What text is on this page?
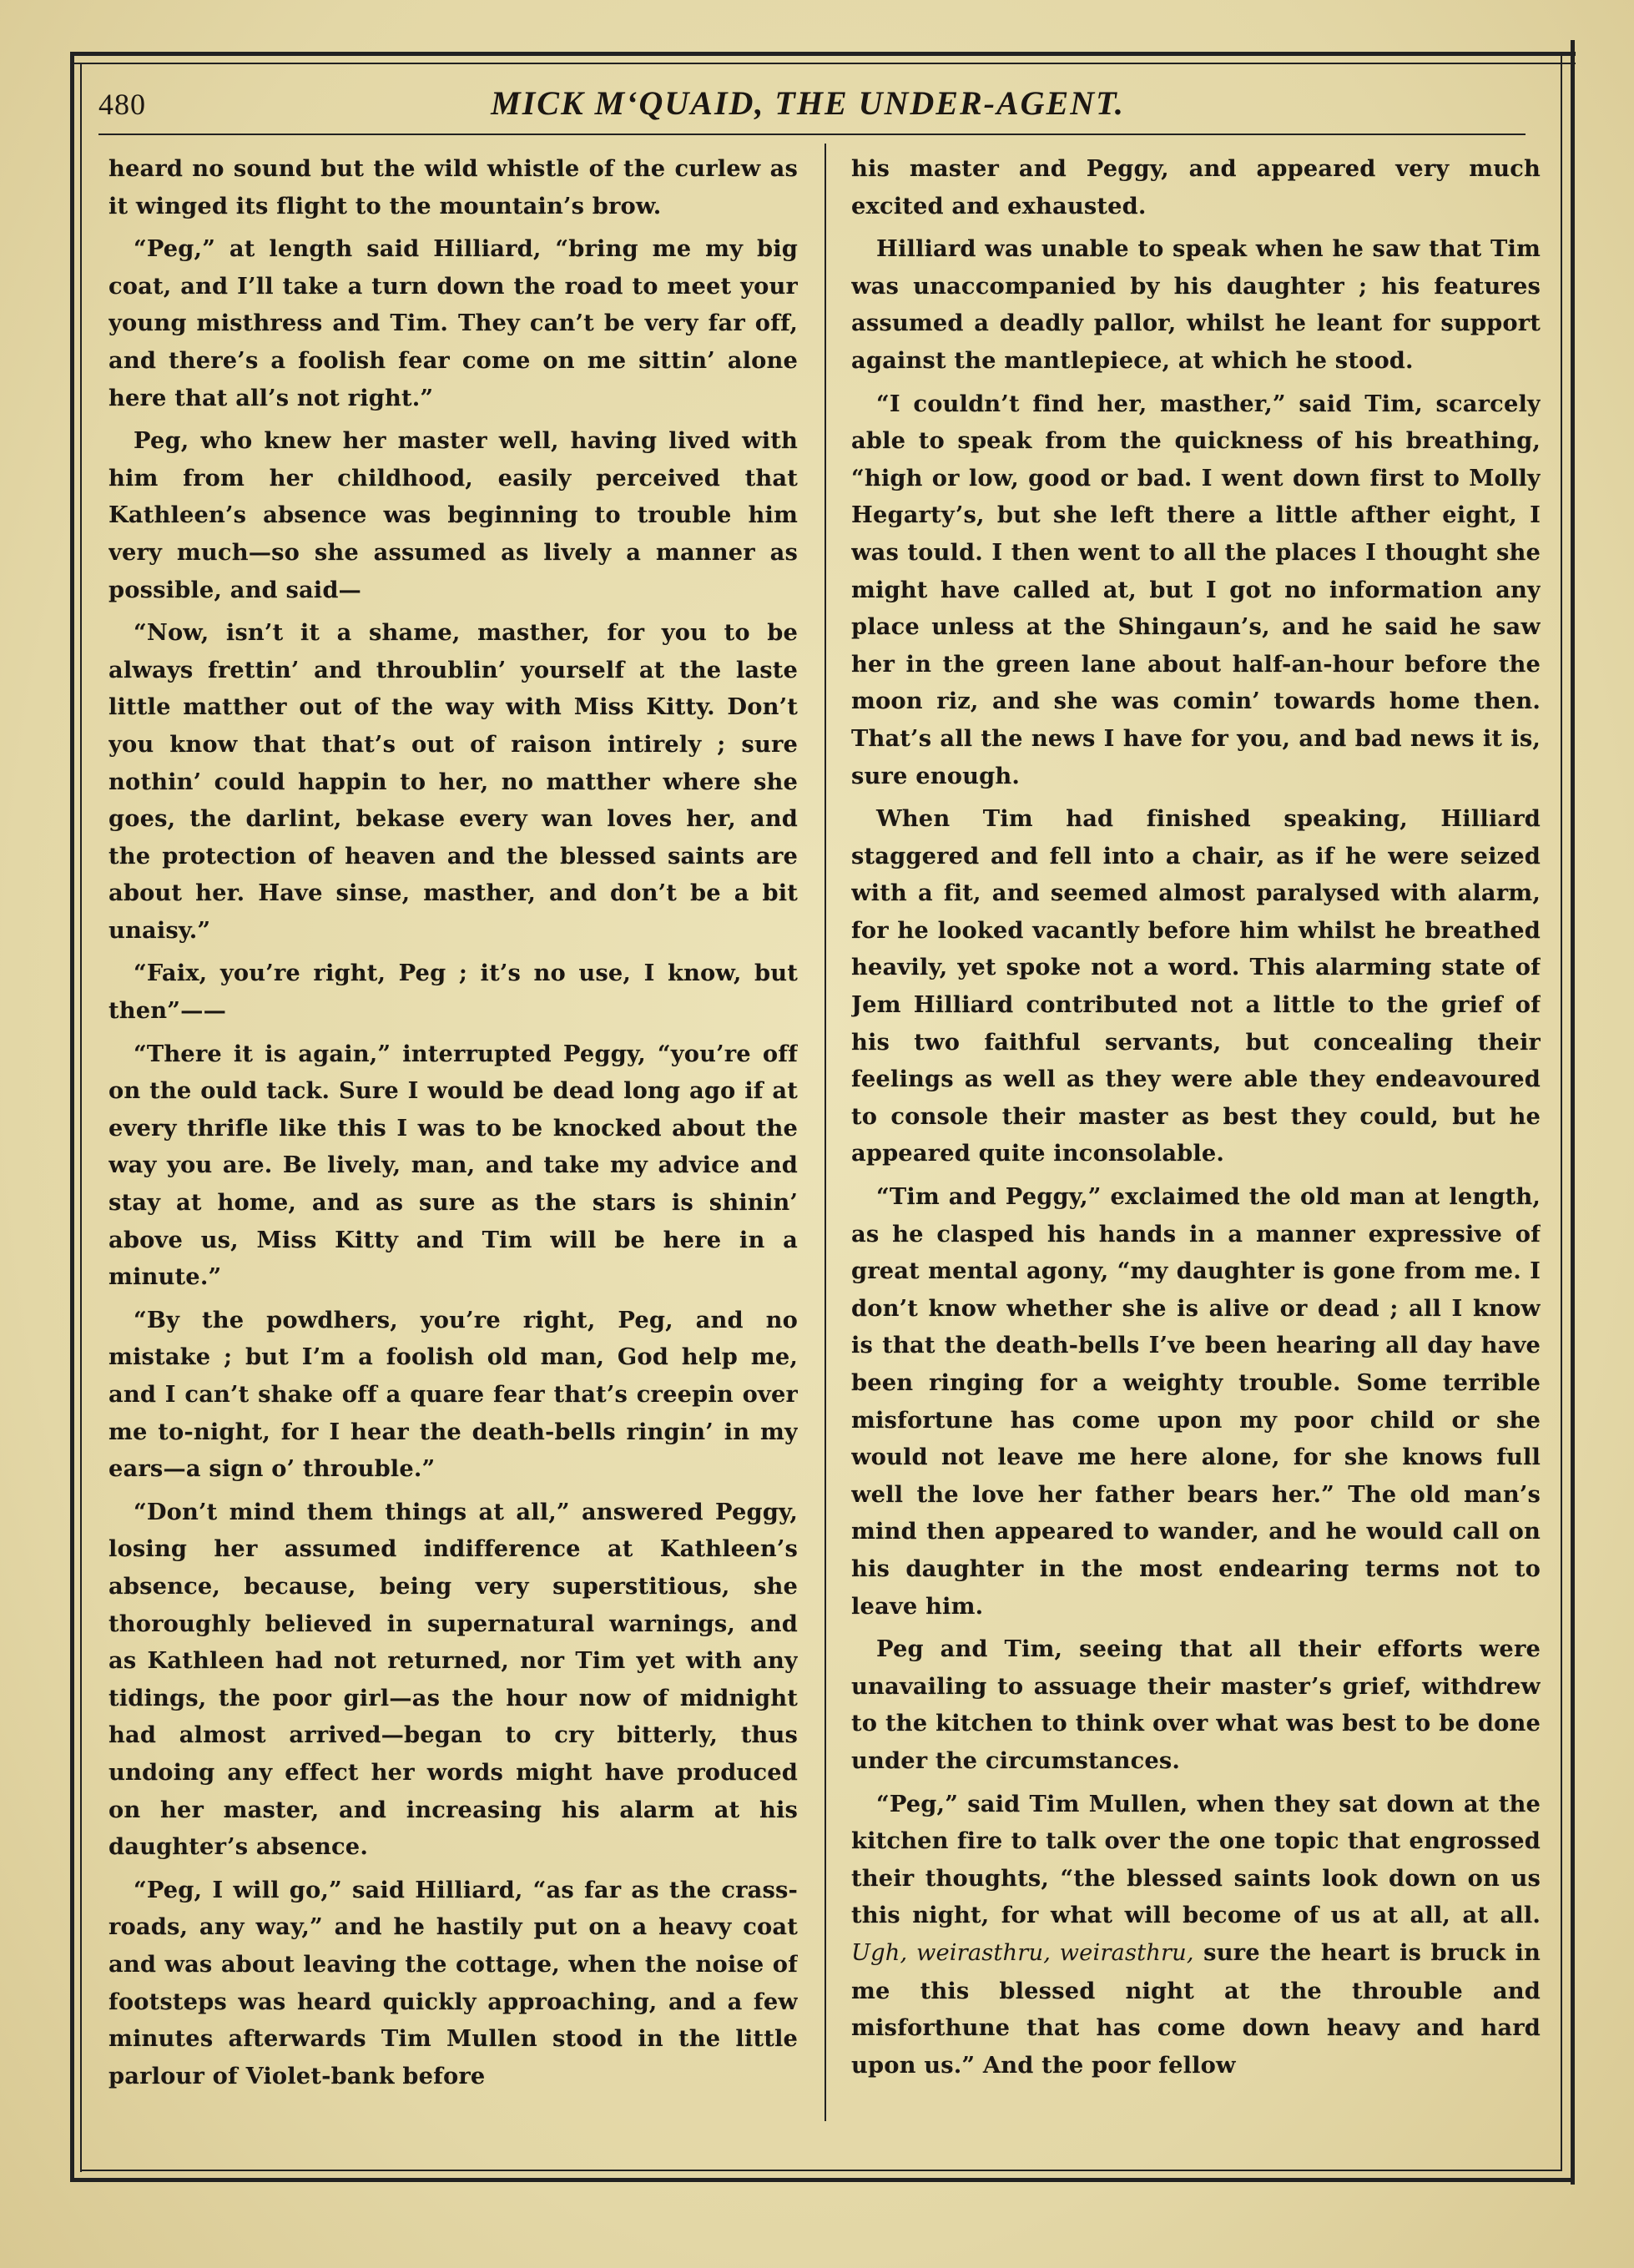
480	MICK M‘QUAID, THE UNDER-AGENT.

heard no sound but the wild whistle of the curlew as it winged its flight to the mountain’s brow.

“Peg,” at length said Hilliard, “bring me my big coat, and I’ll take a turn down the road to meet your young misthress and Tim. They can’t be very far off, and there’s a foolish fear come on me sittin’ alone here that all’s not right.”

Peg, who knew her master well, having lived with him from her childhood, easily perceived that Kathleen’s absence was beginning to trouble him very much—so she assumed as lively a manner as possible, and said—

“Now, isn’t it a shame, masther, for you to be always frettin’ and throublin’ yourself at the laste little matther out of the way with Miss Kitty. Don’t you know that that’s out of raison intirely ; sure nothin’ could happin to her, no matther where she goes, the darlint, bekase every wan loves her, and the protection of heaven and the blessed saints are about her. Have sinse, masther, and don’t be a bit unaisy.”

“Faix, you’re right, Peg ; it’s no use, I know, but then”——

“There it is again,” interrupted Peggy, “you’re off on the ould tack. Sure I would be dead long ago if at every thrifle like this I was to be knocked about the way you are. Be lively, man, and take my advice and stay at home, and as sure as the stars is shinin’ above us, Miss Kitty and Tim will be here in a minute.”

“By the powdhers, you’re right, Peg, and no mistake ; but I’m a foolish old man, God help me, and I can’t shake off a quare fear that’s creepin over me to-night, for I hear the death-bells ringin’ in my ears—a sign o’ throuble.”

“Don’t mind them things at all,” answered Peggy, losing her assumed indifference at Kathleen’s absence, because, being very superstitious, she thoroughly believed in supernatural warnings, and as Kathleen had not returned, nor Tim yet with any tidings, the poor girl—as the hour now of midnight had almost arrived—began to cry bitterly, thus undoing any effect her words might have produced on her master, and increasing his alarm at his daughter’s absence.

“Peg, I will go,” said Hilliard, “as far as the crass-roads, any way,” and he hastily put on a heavy coat and was about leaving the cottage, when the noise of footsteps was heard quickly approaching, and a few minutes afterwards Tim Mullen stood in the little parlour of Violet-bank before

his master and Peggy, and appeared very much excited and exhausted.

Hilliard was unable to speak when he saw that Tim was unaccompanied by his daughter ; his features assumed a deadly pallor, whilst he leant for support against the mantlepiece, at which he stood.

“I couldn’t find her, masther,” said Tim, scarcely able to speak from the quickness of his breathing, “high or low, good or bad. I went down first to Molly Hegarty’s, but she left there a little afther eight, I was tould. I then went to all the places I thought she might have called at, but I got no information any place unless at the Shingaun’s, and he said he saw her in the green lane about half-an-hour before the moon riz, and she was comin’ towards home then. That’s all the news I have for you, and bad news it is, sure enough.

When Tim had finished speaking, Hilliard staggered and fell into a chair, as if he were seized with a fit, and seemed almost paralysed with alarm, for he looked vacantly before him whilst he breathed heavily, yet spoke not a word. This alarming state of Jem Hilliard contributed not a little to the grief of his two faithful servants, but concealing their feelings as well as they were able they endeavoured to console their master as best they could, but he appeared quite inconsolable.

“Tim and Peggy,” exclaimed the old man at length, as he clasped his hands in a manner expressive of great mental agony, “my daughter is gone from me. I don’t know whether she is alive or dead ; all I know is that the death-bells I’ve been hearing all day have been ringing for a weighty trouble. Some terrible misfortune has come upon my poor child or she would not leave me here alone, for she knows full well the love her father bears her.” The old man’s mind then appeared to wander, and he would call on his daughter in the most endearing terms not to leave him.

Peg and Tim, seeing that all their efforts were unavailing to assuage their master’s grief, withdrew to the kitchen to think over what was best to be done under the circumstances.

“Peg,” said Tim Mullen, when they sat down at the kitchen fire to talk over the one topic that engrossed their thoughts, “the blessed saints look down on us this night, for what will become of us at all, at all. Ugh, weirasthru, weirasthru, sure the heart is bruck in me this blessed night at the throuble and misforthune that has come down heavy and hard upon us.” And the poor fellow
